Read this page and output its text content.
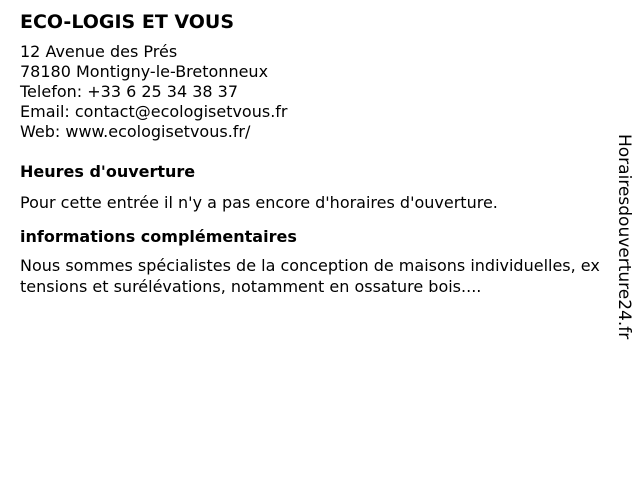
ECO-LOGIS ET VOUS
12 Avenue des Prés
78180 Montigny-le-Bretonneux
Telefon: +33 6 25 34 38 37
Email: contact@ecologisetvous.fr
Web: www.ecologisetvous.fr/
Heures d'ouverture
Pour cette entrée il n'y a pas encore d'horaires d'ouverture.
informations complémentaires
Nous sommes spécialistes de la conception de maisons individuelles, extensions et surélévations, notamment en ossature bois....	Horairesdouverture24.fr
